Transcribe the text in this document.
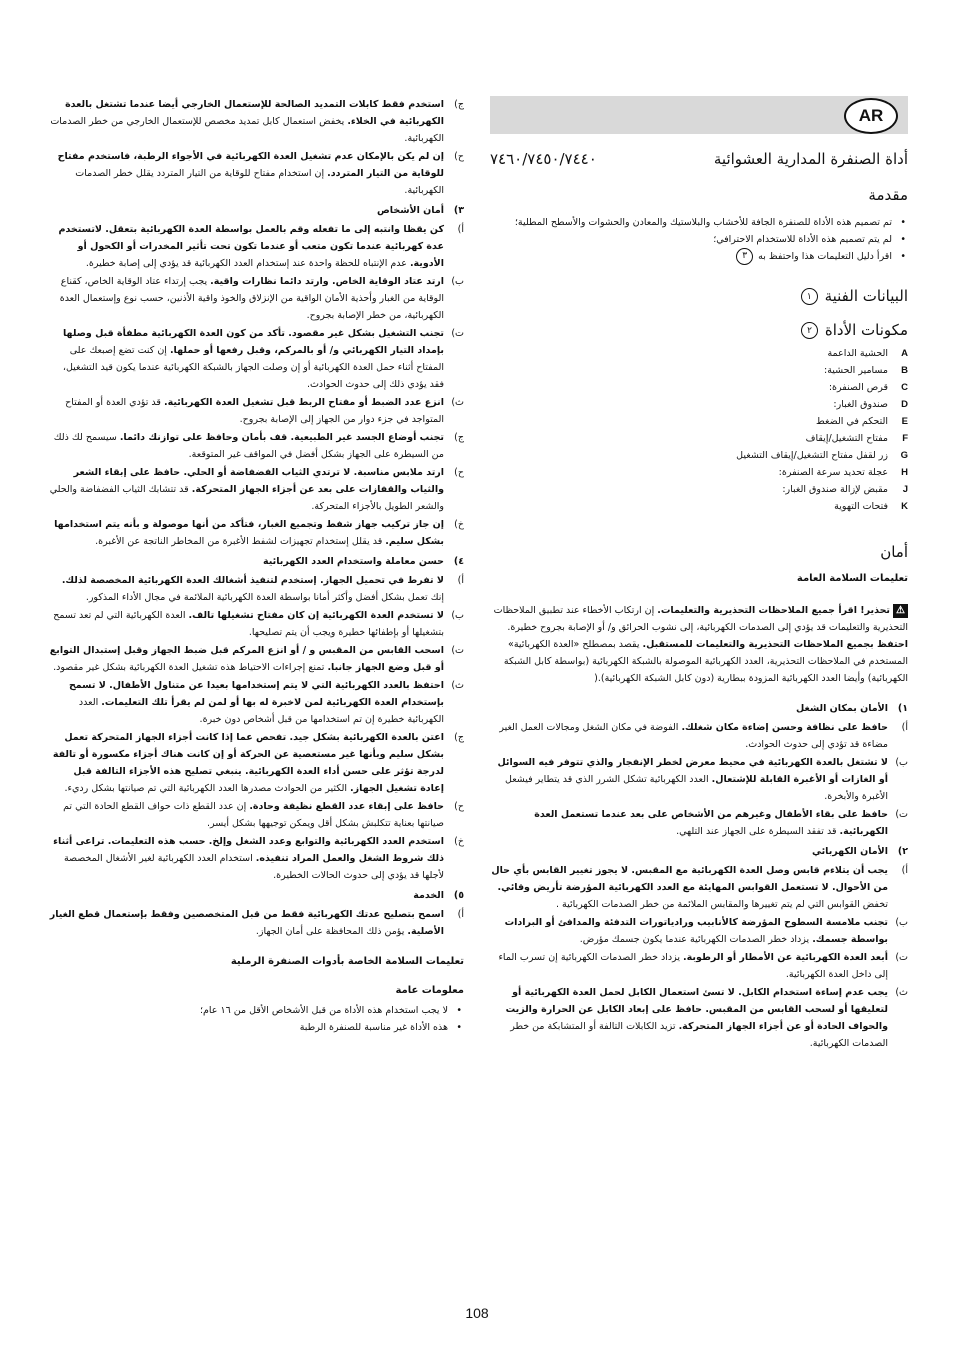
AR
أداة الصنفرة المدارية العشوائية
٧٤٦٠/٧٤٥٠/٧٤٤٠
مقدمة
• تم تصميم هذه الأداة للصنفرة الجافة للأخشاب والبلاستيك والمعادن والحشوات والأسطح المطلية؛
• لم يتم تصميم هذه الأداة للاستخدام الاحترافي؛
• اقرأ دليل التعليمات هذا واحتفظ به ٣
البيانات الفنية ١
مكونات الأداة ٢
A
الحشية الداعمة
B
مسامير الحشية:
C
قرص الصنفرة:
D
صندوق الغبار:
E
التحكم في الضغط
F
مفتاح التشغيل/إيقاف
G
زر لقفل مفتاح التشغيل/إيقاف التشغيل
H
عجلة تحديد سرعة الصنفرة:
J
مقبض لإزالة صندوق الغبار:
K
فتحات التهوية
أمان
تعليمات السلامة العامة
⚠تحذير! اقرأ جميع الملاحظات التحذيرية والتعليمات. إن ارتكاب الأخطاء عند تطبيق الملاحظات التحذيرية والتعليمات قد يؤدي إلى الصدمات الكهربائية، إلى نشوب الحرائق و/ أو الإصابة بجروح خطيرة. احتفظ بجميع الملاحظات التحذيرية والتعليمات للمستقبل. يقصد بمصطلح «العدة الكهربائية» المستخدم في الملاحظات التحذيرية، العدد الكهربائية الموصولة بالشبكة الكهربائية (بواسطة كابل الشبكة الكهربائية) وأيضا العدد الكهربائية المزودة ببطارية (دون كابل الشبكة الكهربائية).(
١)
الأمان بمكان الشغل
أ)
حافظ على نظافة وحسن إضاءة مكان شغلك. الفوضة في مكان الشغل ومجالات العمل الغير مضاءة قد تؤدي إلى حدوث الحوادث.
ب)
لا تشتغل بالعدة الكهربائية في محيط معرض لخطر الإنفجار والذي تتوفر فيه السوائل أو الغازات أو الأغبرة القابلة للإشتعال. العدد الكهربائية تشكل الشرر الذي قد يتطاير فيشعل الأغبرة والأبخرة.
ت)
حافظ على بقاء الأطفال وغيرهم من الأشخاص على بعد عندما تستعمل العدة الكهربائية. قد تفقد السيطرة على الجهاز عند التلهي.
٢)
الأمان الكهربائي
أ)
يجب أن يتلاءم قابس وصل العدة الكهربائية مع المقبس. لا يجوز تغيير القابس بأي حال من الأحوال. لا تستعمل القوابس المهايئة مع العدد الكهربائية المؤرضة تأريض وقائي. تخفض القوابس التي لم يتم تغييرها والمقابس الملائمة من خطر الصدمات الكهربائية .
ب)
تجنب ملامسة السطوح المؤرضة كالأنابيب ورادياتورات التدفئة والمدافئ أو البرادات بواسطة جسمك. يزداد خطر الصدمات الكهربائية عندما يكون جسمك مؤرض.
ت)
أبعد العدة الكهربائية عن الأمطار أو الرطوبة. يزداد خطر الصدمات الكهربائية إن تسرب الماء إلى داخل العدة الكهربائية.
ث)
يجب عدم إساءة استخدام الكابل. لا تسئ استعمال الكابل لحمل العدة الكهربائية أو لتعليقها أو لسحب القابس من المقبس. حافظ على إبعاد الكابل عن الحرارة والزيت والحواف الحادة أو عن أجزاء الجهاز المتحركة. تزيد الكابلات التالفة أو المتشابكة من خطر الصدمات الكهربائية.
ج)
استخدم فقط كابلات التمديد الصالحة للإستعمال الخارجي أيضا عندما تشتغل بالعدة الكهربائية في الخلاء. يخفض استعمال كابل تمديد مخصص للإستعمال الخارجي من خطر الصدمات الكهربائية.
ح)
إن لم يكن بالإمكان عدم تشغيل العدة الكهربائية في الأجواء الرطبة، فاستخدم مفتاح للوقاية من التيار المتردد. إن استخدام مفتاح للوقاية من التيار المتردد يقلل خطر الصدمات الكهربائية.
٣)
أمان الأشخاص
أ)
كن يقظا وانتبه إلى ما تفعله وقم بالعمل بواسطة العدة الكهربائية بتعقل. لاتستخدم عدة كهربائية عندما تكون متعب أو عندما تكون تحت تأثير المخدرات أو الكحول أو الأدوية. عدم الإنتباه للحظة واحدة عند إستخدام العدد الكهربائية قد يؤدي إلى إصابة خطيرة.
ب)
ارتد عتاد الوقاية الخاص. وارتد دائما نظارات واقية. يجب إرتداء عتاد الوقاية الخاص، كقناع الوقاية من الغبار وأحذية الأمان الواقية من الإنزلاق والخوذ واقية الأذنين، حسب نوع وإستعمال العدة الكهربائية، من خطر الإصابة بجروح.
ت)
تجنب التشغيل بشكل غير مقصود. تأكد من كون العدة الكهربائية مطفأة قبل وصلها بإمداد التيار الكهربائي و/ أو بالمركم، وقبل رفعها أو حملها. إن كنت تضع إصبعك على المفتاح أثناء حمل العدة الكهربائية أو إن وصلت الجهاز بالشبكة الكهربائية عندما يكون قيد التشغيل، فقد يؤدي ذلك إلى حدوث الحوادث.
ث)
انزع عدد الضبط أو مفتاح الربط قبل تشغيل العدة الكهربائية. قد تؤدي العدة أو المفتاح المتواجد في جزء دوار من الجهاز إلى الإصابة بجروح.
ج)
تجنب أوضاع الجسد غير الطبيعية. قف بأمان وحافظ على توازنك دائما. سيسمح لك ذلك من السيطرة على الجهاز بشكل أفضل في المواقف غير المتوقعة.
ح)
ارتد ملابس مناسبة. لا ترتدي الثياب الفضفاضة أو الحلي. حافظ على إبقاء الشعر والثياب والقفازات على بعد عن أجزاء الجهاز المتحركة. قد تتشابك الثياب الفضفاضة والحلي والشعر الطويل بالأجزاء المتحركة.
خ)
إن جاز تركيب جهاز شفط وتجميع الغبار، فتأكد من أنها موصولة و بأنه يتم استخدامها بشكل سليم. قد يقلل إستخدام تجهيزات لشفط الأغبرة من المخاطر الناتجة عن الأغبرة.
٤)
حسن معاملة واستخدام العدد الكهربائية
أ)
لا تفرط في تحميل الجهاز. إستخدم لتنفيذ أشغالك العدة الكهربائية المخصصة لذلك. إنك تعمل بشكل أفضل وأكثر أمانا بواسطة العدة الكهربائية الملائمة في مجال الأداء المذكور.
ب)
لا تستخدم العدة الكهربائية إن كان مفتاح تشغيلها تالف. العدة الكهربائية التي لم تعد تسمح بتشغيلها أو بإطفائها خطيرة ويجب أن يتم تصليحها.
ت)
اسحب القابس من المقبس و / أو انزع المركم قبل ضبط الجهاز وقبل إستبدال التوابع أو قبل وضع الجهاز جانبا. تمنع إجراءات الاحتياط هذه تشغيل العدة الكهربائية بشكل غير مقصود.
ث)
احتفظ بالعدد الكهربائية التي لا يتم إستخدامها بعيدا عن متناول الأطفال. لا تسمح بإستخدام العدة الكهربائية لمن لاخبرة له بها أو لمن لم يقرأ تلك التعليمات. العدد الكهربائية خطيرة إن تم استخدامها من قبل أشخاص دون خبرة.
ج)
اعتن بالعدة الكهربائية بشكل جيد. تفحص عما إذا كانت أجزاء الجهاز المتحركة تعمل بشكل سليم وبأنها غير مستعصية عن الحركة أو إن كانت هناك أجزاء مكسورة أو تالفة لدرجة تؤثر على حسن أداء العدة الكهربائية. ينبغي تصليح هذه الأجزاء التالفة قبل إعادة تشغيل الجهاز. الكثير من الحوادث مصدرها العدد الكهربائية التي تم صيانتها بشكل رديء.
ح)
حافظ على إبقاء عدد القطع نظيفة وحادة. إن عدد القطع ذات حواف القطع الحادة التي تم صيانتها بعناية تتكلبش بشكل أقل ويمكن توجيهها بشكل أيسر.
خ)
استخدم العدد الكهربائية والتوابع وعدد الشغل وإلخ. حسب هذه التعليمات. تراعى أثناء ذلك شروط الشغل والعمل المراد تنفيذه. استخدام العدد الكهربائية لغير الأشغال المخصصة لأجلها قد يؤدي إلى حدوث الحالات الخطيرة.
٥)
الخدمة
أ)
اسمح بتصليح عدتك الكهربائية فقط من قبل المتخصصين وفقط بإستعمال قطع الغيار الأصلية. يؤمن ذلك المحافظة على أمان الجهاز.
تعليمات السلامة الخاصة بأدوات الصنفرة الرملية
معلومات عامة
• لا يجب استخدام هذه الأداة من قبل الأشخاص الأقل من ١٦ عام؛
• هذه الأداة غير مناسبة للصنفرة الرطبة
108
